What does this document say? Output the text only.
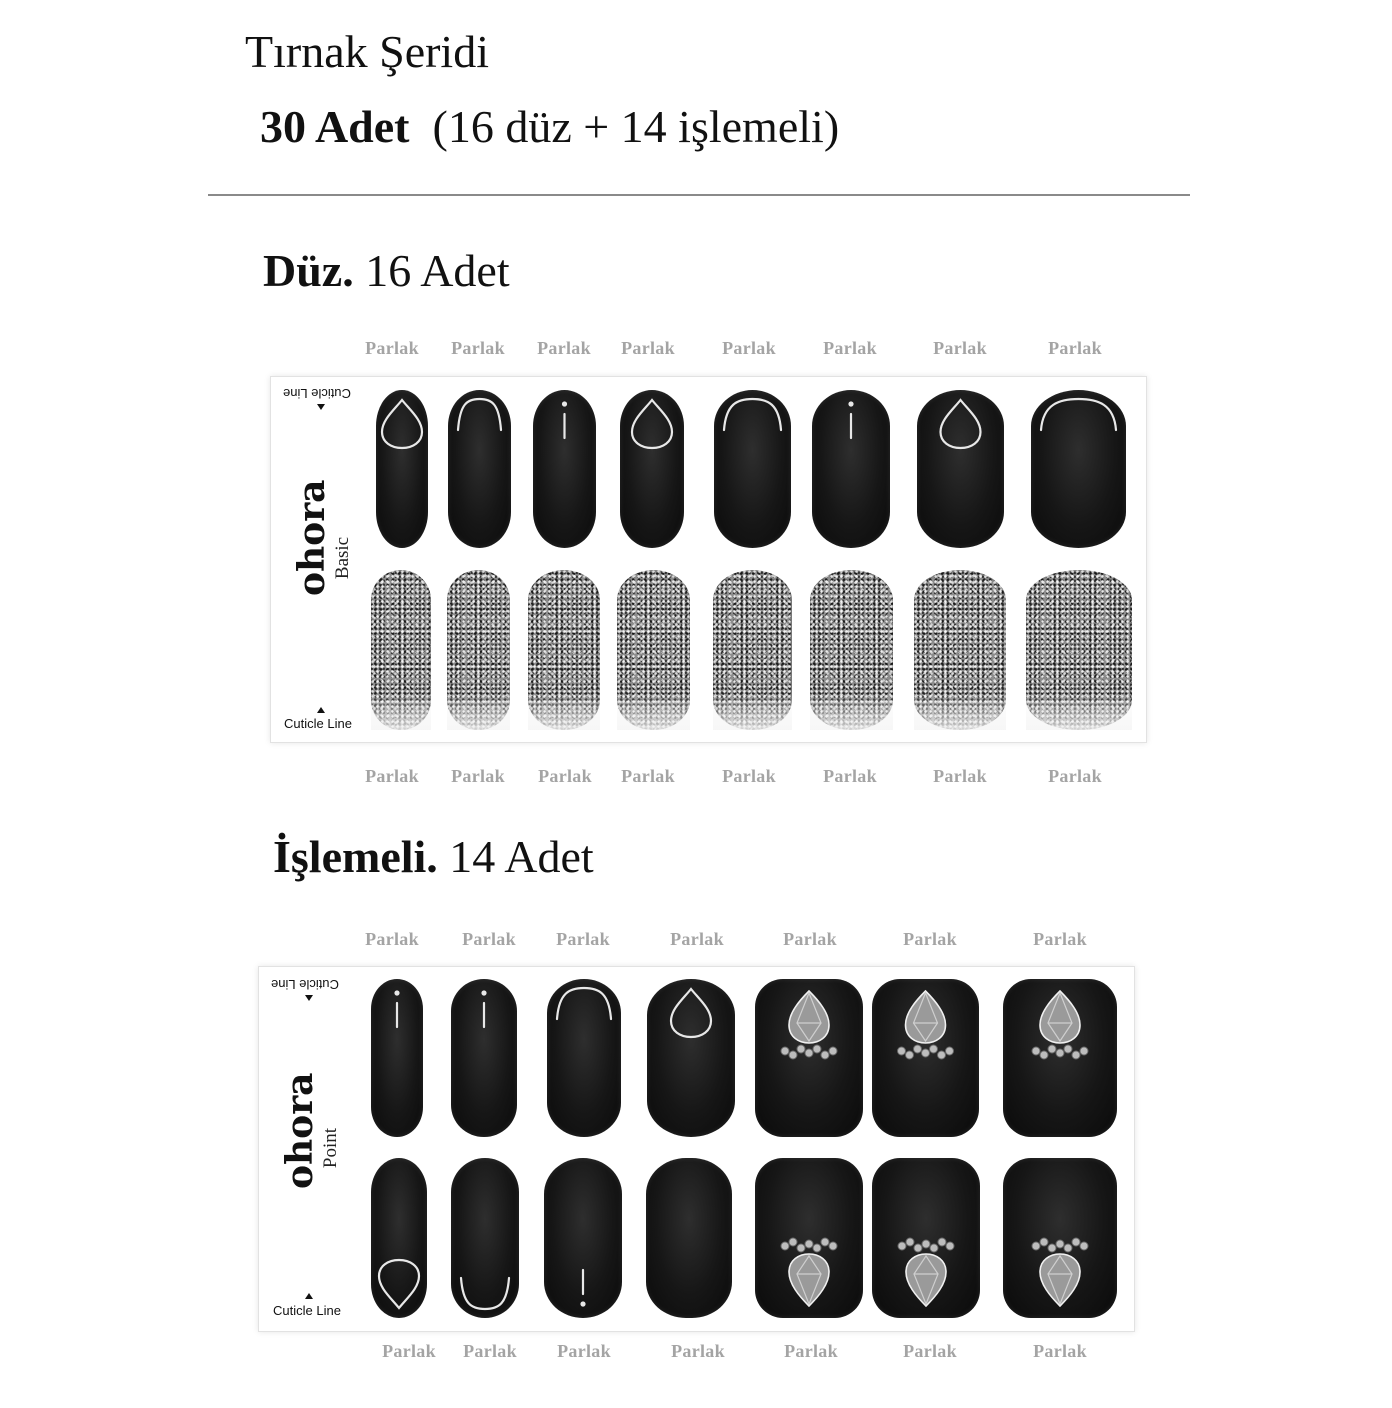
Tırnak Şeridi
30 Adet (16 düz + 14 işlemeli)
Düz. 16 Adet
İşlemeli. 14 Adet
Parlak Parlak Parlak Parlak	Parlak	Parlak	Parlak	Parlak
Parlak Parlak Parlak Parlak	Parlak	Parlak	Parlak	Parlak
Parlak Parlak Parlak	Parlak	Parlak	Parlak	Parlak
Parlak Parlak Parlak	Parlak	Parlak	Parlak	Parlak
Cuticle Line
ohora Basic
Cuticle Line
Cuticle Line
ohora Point
Cuticle Line
